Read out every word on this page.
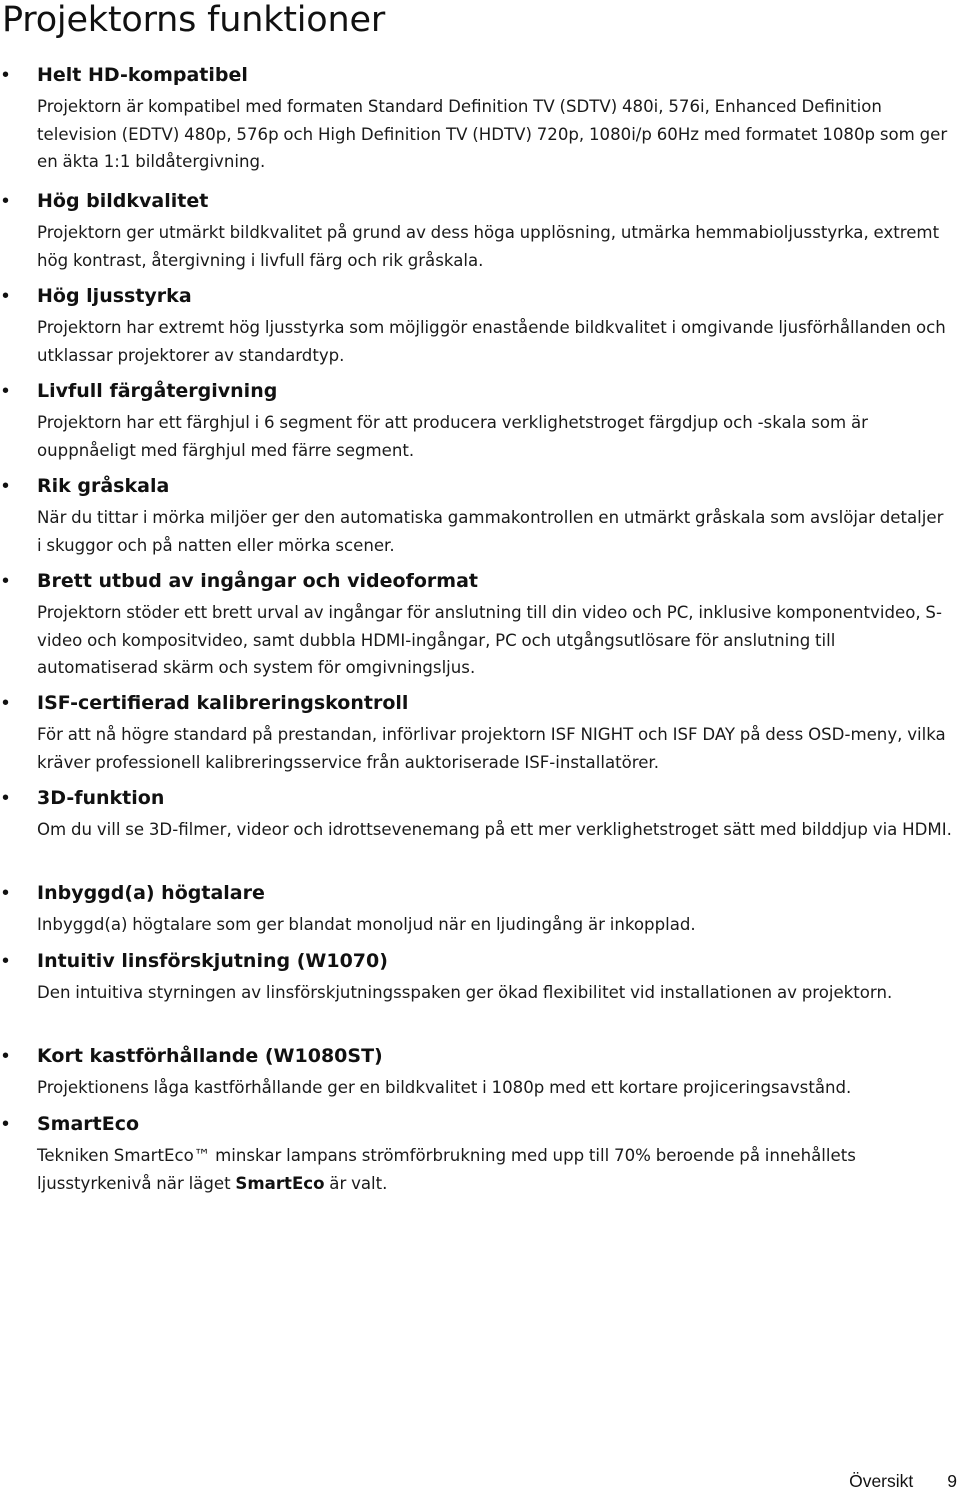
Projektorns funktioner
• Helt HD-kompatibel
Projektorn är kompatibel med formaten Standard Definition TV (SDTV) 480i, 576i, Enhanced Definition television (EDTV) 480p, 576p och High Definition TV (HDTV) 720p, 1080i/p 60Hz med formatet 1080p som ger en äkta 1:1 bildåtergivning.
• Hög bildkvalitet
Projektorn ger utmärkt bildkvalitet på grund av dess höga upplösning, utmärka hemmabioljusstyrka, extremt hög kontrast, återgivning i livfull färg och rik gråskala.
• Hög ljusstyrka
Projektorn har extremt hög ljusstyrka som möjliggör enastående bildkvalitet i omgivande ljusförhållanden och utklassar projektorer av standardtyp.
• Livfull färgåtergivning
Projektorn har ett färghjul i 6 segment för att producera verklighetstroget färgdjup och -skala som är ouppnåeligt med färghjul med färre segment.
• Rik gråskala
När du tittar i mörka miljöer ger den automatiska gammakontrollen en utmärkt gråskala som avslöjar detaljer i skuggor och på natten eller mörka scener.
• Brett utbud av ingångar och videoformat
Projektorn stöder ett brett urval av ingångar för anslutning till din video och PC, inklusive komponentvideo, S-video och kompositvideo, samt dubbla HDMI-ingångar, PC och utgångsutlösare för anslutning till automatiserad skärm och system för omgivningsljus.
• ISF-certifierad kalibreringskontroll
För att nå högre standard på prestandan, införlivar projektorn ISF NIGHT och ISF DAY på dess OSD-meny, vilka kräver professionell kalibreringsservice från auktoriserade ISF-installatörer.
• 3D-funktion
Om du vill se 3D-filmer, videor och idrottsevenemang på ett mer verklighetstroget sätt med bilddjup via HDMI.
• Inbyggd(a) högtalare
Inbyggd(a) högtalare som ger blandat monoljud när en ljudingång är inkopplad.
• Intuitiv linsförskjutning (W1070)
Den intuitiva styrningen av linsförskjutningsspaken ger ökad flexibilitet vid installationen av projektorn.
• Kort kastförhållande (W1080ST)
Projektionens låga kastförhållande ger en bildkvalitet i 1080p med ett kortare projiceringsavstånd.
• SmartEco
Tekniken SmartEco™ minskar lampans strömförbrukning med upp till 70% beroende på innehållets ljusstyrkenivå när läget SmartEco är valt.
Översikt 9
